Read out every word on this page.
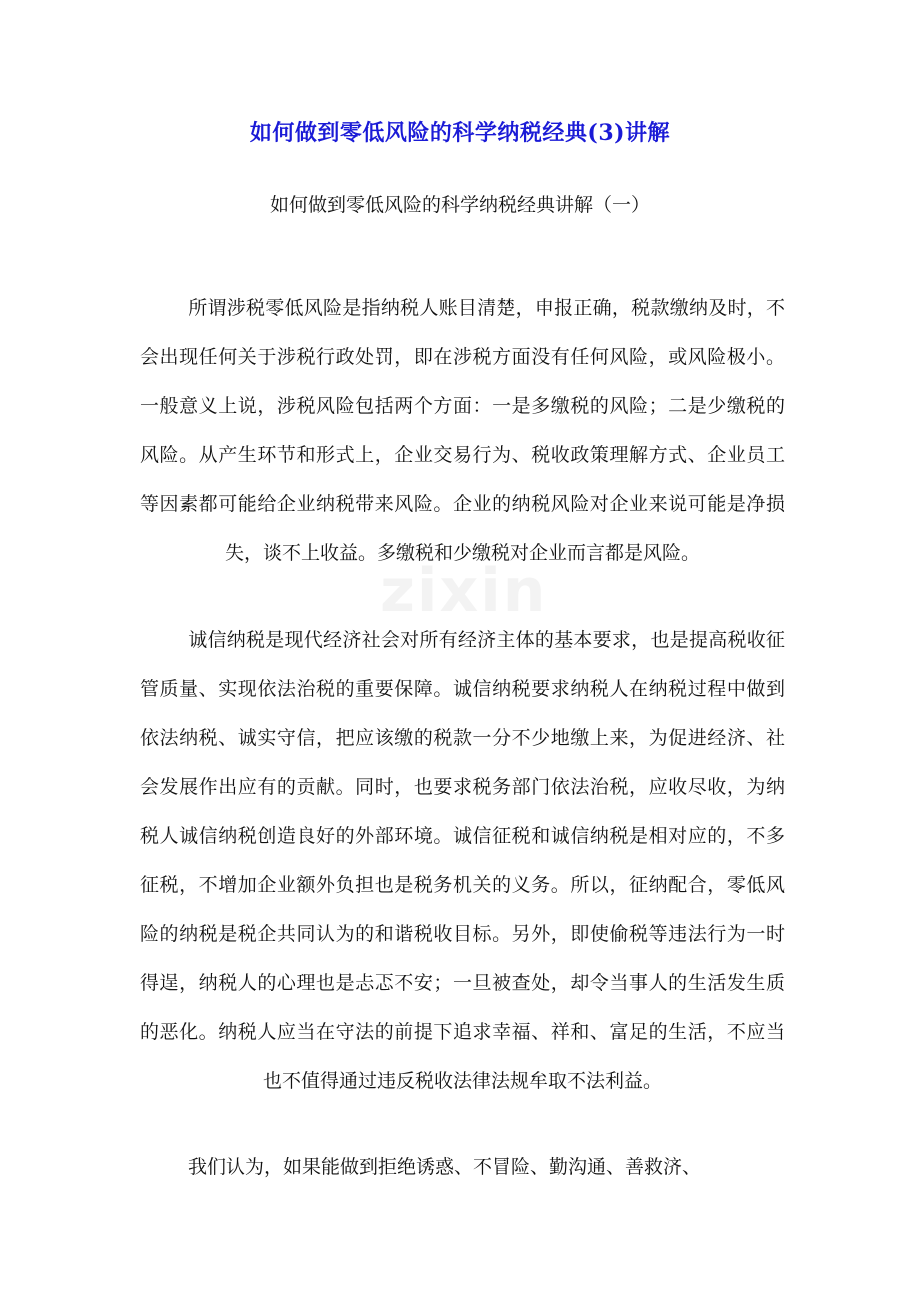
如何做到零低风险的科学纳税经典(3)讲解
如何做到零低风险的科学纳税经典讲解（一）
所谓涉税零低风险是指纳税人账目清楚，申报正确，税款缴纳及时，不会出现任何关于涉税行政处罚，即在涉税方面没有任何风险，或风险极小。一般意义上说，涉税风险包括两个方面：一是多缴税的风险；二是少缴税的风险。从产生环节和形式上，企业交易行为、税收政策理解方式、企业员工等因素都可能给企业纳税带来风险。企业的纳税风险对企业来说可能是净损失，谈不上收益。多缴税和少缴税对企业而言都是风险。
诚信纳税是现代经济社会对所有经济主体的基本要求，也是提高税收征管质量、实现依法治税的重要保障。诚信纳税要求纳税人在纳税过程中做到依法纳税、诚实守信，把应该缴的税款一分不少地缴上来，为促进经济、社会发展作出应有的贡献。同时，也要求税务部门依法治税，应收尽收，为纳税人诚信纳税创造良好的外部环境。诚信征税和诚信纳税是相对应的，不多征税，不增加企业额外负担也是税务机关的义务。所以，征纳配合，零低风险的纳税是税企共同认为的和谐税收目标。另外，即使偷税等违法行为一时得逞，纳税人的心理也是忐忑不安；一旦被查处，却令当事人的生活发生质的恶化。纳税人应当在守法的前提下追求幸福、祥和、富足的生活，不应当也不值得通过违反税收法律法规牟取不法利益。
我们认为，如果能做到拒绝诱惑、不冒险、勤沟通、善救济、
zixin
